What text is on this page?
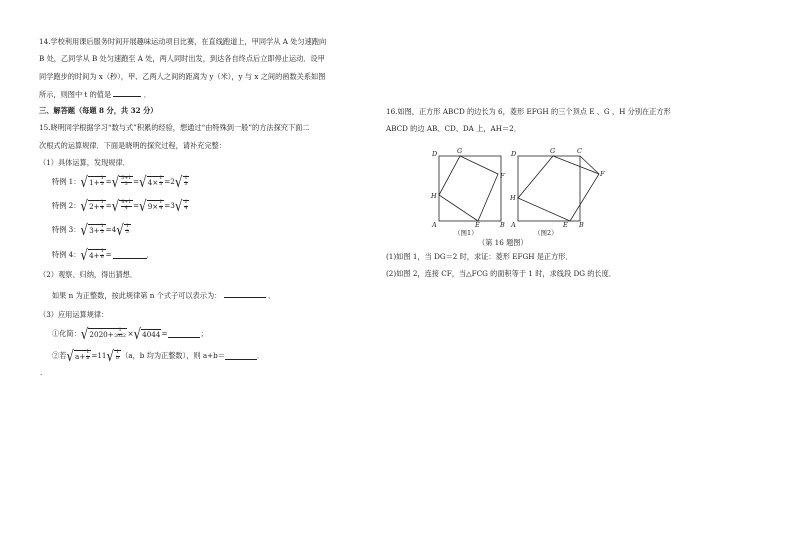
14.学校利用课后服务时间开展趣味运动项目比赛，在直线跑道上，甲同学从 A 处匀速跑向
B 处，乙同学从 B 处匀速跑至 A 处，两人同时出发，到达各自终点后立即停止运动．设甲
同学跑步的时间为 x（秒），甲、乙两人之间的距离为 y（米），y 与 x 之间的函数关系如图
所示，则图中 t 的值是	．
三、解答题（每题 8 分，共 32 分）
15.晓明同学根据学习“数与式”积累的经验，想通过“由特殊到一般”的方法探究下面二
次根式的运算规律．下面是晓明的探究过程，请补充完整：
（1）具体运算，发现规律．
特例 1： √ 1 + 1
3 = √ 3+1
3 = √ 4 × 1
3 = 2 √ 1
3
特例 2： √ 2 + 1
4 = √ 8+1
4 = √ 9 × 1
4 = 3 √ 1
4
特例 3： √ 3 + 1
5 = 4 √ 1
5
特例 4： √ 4 + 1
6 =	．
（2）观察、归纳，得出猜想．
如果 n 为正整数，按此规律第 n 个式子可以表示为：	．
（3）应用运算规律：
①化简： √ 2020 + 1
2022 × √ 4044 =	；
②若 √ a + 1
b = 11 √ 1
b （a，b 均为正整数），则 a+b＝	．
.
16.如图，正方形 ABCD 的边长为 6，菱形 EFGH 的三个顶点 E 、G 、H 分别在正方形
ABCD 的边 AB、CD、DA 上，AH＝2．
D	G
F
H
A	E	B
（图1）
D	G	C
F
H
A	E B
（图2）
（第 16 题图）
(1)如图 1，当 DG＝2 时，求证：菱形 EFGH 是正方形．
(2)如图 2，连接 CF，当△FCG 的面积等于 1 时，求线段 DG 的长度．
